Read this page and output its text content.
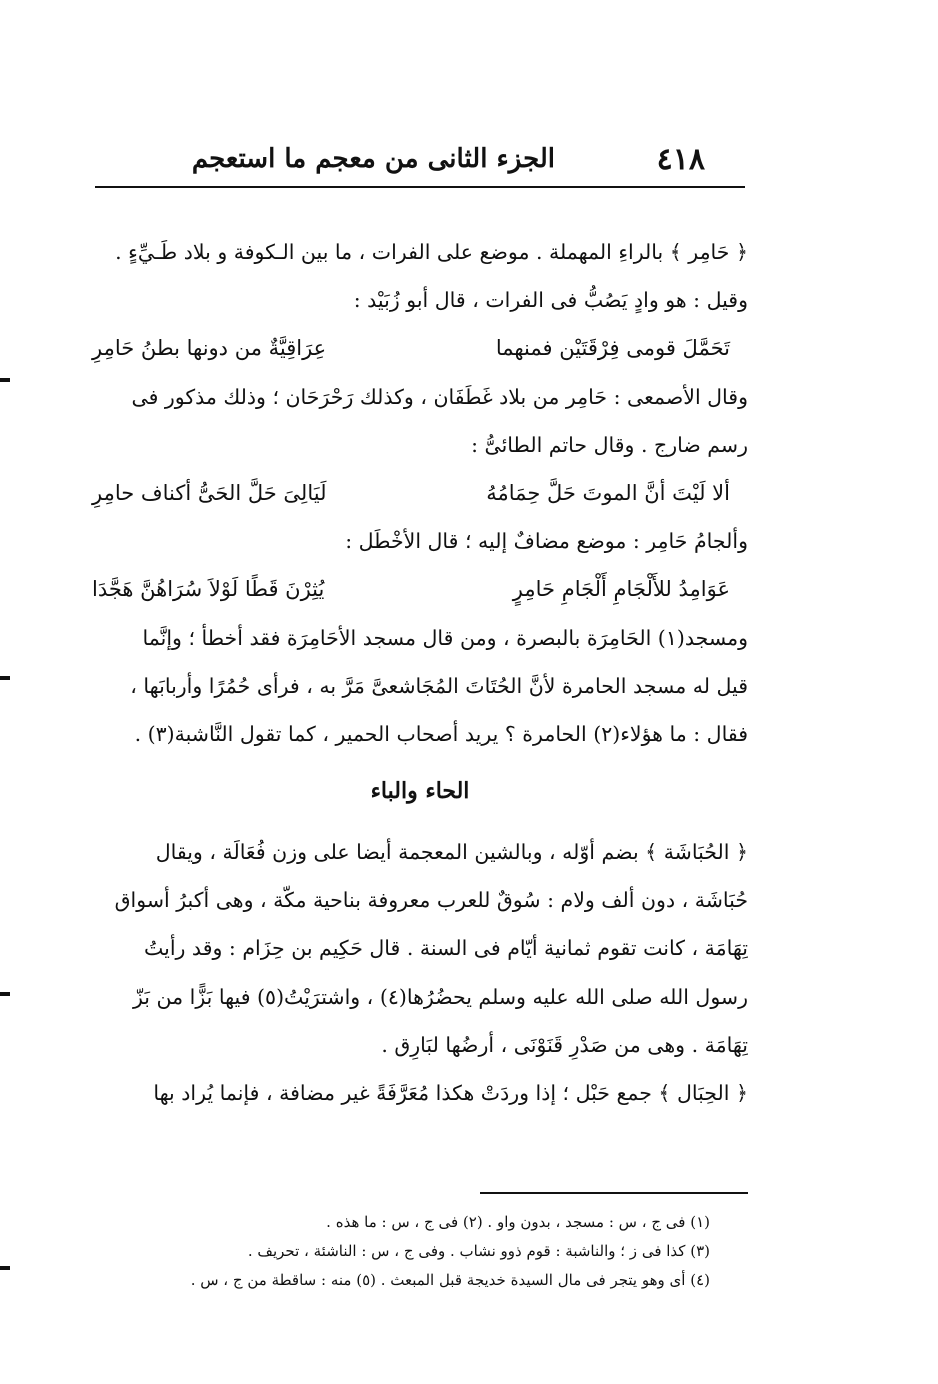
٤١٨
الجزء الثانى من معجم ما استعجم
﴿ حَامِر ﴾ بالراءِ المهملة . موضع على الفرات ، ما بين الـكوفة و بلاد طَـيِّءٍ .
وقيل : هو وادٍ يَصُبُّ فى الفرات ، قال أبو زُبَيْد :
تَحَمَّلَ قومى فِرْقَتَيْن فمنهما
عِرَاقِيَّةٌ من دونها بطنُ حَامِرِ
وقال الأصمعى : حَامِر من بلاد غَطَفَان ، وكذلك رَحْرَحَان ؛ وذلك مذكور فى
رسم ضارج . وقال حاتم الطائىُّ :
ألا لَيْتَ أنَّ الموتَ حَلَّ حِمَامُهُ
لَيَالِىَ حَلَّ الحَىُّ أكناف حامِرِ
وألجامُ حَامِر : موضع مضافٌ إليه ؛ قال الأخْطَل :
عَوَامِدُ للأَلْجَامِ أَلْجَامِ حَامِرٍ
يُثِرْنَ قَطًا لَوْلاَ سُرَاهُنَّ هَجَّدَا
ومسجد(١) الحَامِرَة بالبصرة ، ومن قال مسجد الأحَامِرَة فقد أخطأ ؛ وإنَّما
قيل له مسجد الحامرة لأنَّ الحُتَاتَ المُجَاشعىَّ مَرَّ به ، فرأى حُمُرًا وأربابَها ،
فقال : ما هؤلاء(٢) الحامرة ؟ يريد أصحاب الحمير ، كما تقول النَّاشبة(٣) .
الحاء والباء
﴿ الحُبَاشَة ﴾ بضم أوّله ، وبالشين المعجمة أيضا على وزن فُعَالَة ، ويقال
حُبَاشَة ، دون ألف ولام : سُوقٌ للعرب معروفة بناحية مكّة ، وهى أكبرُ أسواق
تِهَامَة ، كانت تقوم ثمانية أيّام فى السنة . قال حَكِيم بن حِزَام : وقد رأيتُ
رسول الله صلى الله عليه وسلم يحضُرُها(٤) ، واشترَيْتُ(٥) فيها بَزًّا من بَزّ
تِهَامَة . وهى من صَدْرِ قَنَوْنَى ، أرضُها لبَارِق .
﴿ الحِبَال ﴾ جمع حَبْل ؛ إذا وردَتْ هكذا مُعَرَّفَةً غير مضافة ، فإنما يُراد بها
(١) فى ج ، س : مسجد ، بدون واو . (٢) فى ج ، س : ما هذه .
(٣) كذا فى ز ؛ والناشبة : قوم ذوو نشاب . وفى ج ، س : الناشئة ، تحريف .
(٤) أى وهو يتجر فى مال السيدة خديجة قبل المبعث . (٥) منه : ساقطة من ج ، س .
